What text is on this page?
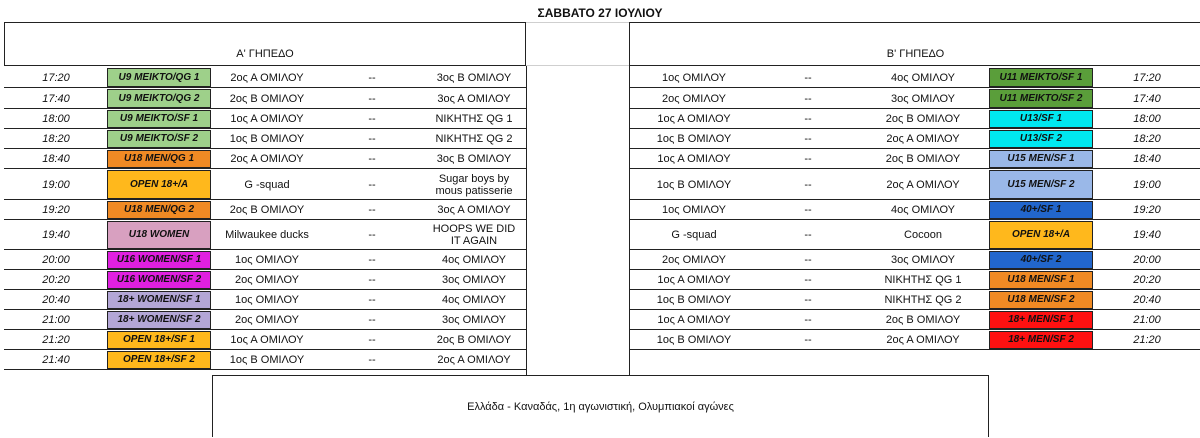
ΣΑΒΒΑΤΟ 27 ΙΟΥΛΙΟΥ
Α' ΓΗΠΕΔΟ	Β' ΓΗΠΕΔΟ
Ελλάδα - Καναδάς, 1η αγωνιστική, Ολυμπιακοί αγώνες
17:20	U9 ΜΕΙΚΤΟ/QG 1	2ος Α ΟΜΙΛΟΥ	--	3ος Β ΟΜΙΛΟΥ
17:40	U9 ΜΕΙΚΤΟ/QG 2	2ος Β ΟΜΙΛΟΥ	--	3ος Α ΟΜΙΛΟΥ
18:00	U9 ΜΕΙΚΤΟ/SF 1	1ος Α ΟΜΙΛΟΥ	--	ΝΙΚΗΤΗΣ QG 1
18:20	U9 ΜΕΙΚΤΟ/SF 2	1ος Β ΟΜΙΛΟΥ	--	ΝΙΚΗΤΗΣ QG 2
18:40	U18 MEN/QG 1	2ος Α ΟΜΙΛΟΥ	--	3ος Β ΟΜΙΛΟΥ
19:00	OPEN 18+/A	G -squad	--	Sugar boys by mous patisserie
19:20	U18 MEN/QG 2	2ος Β ΟΜΙΛΟΥ	--	3ος Α ΟΜΙΛΟΥ
19:40	U18 WOMEN	Milwaukee ducks	--	HOOPS WE DID IT AGAIN
20:00	U16 WOMEN/SF 1	1ος ΟΜΙΛΟΥ	--	4ος ΟΜΙΛΟΥ
20:20	U16 WOMEN/SF 2	2ος ΟΜΙΛΟΥ	--	3ος ΟΜΙΛΟΥ
20:40	18+ WOMEN/SF 1	1ος ΟΜΙΛΟΥ	--	4ος ΟΜΙΛΟΥ
21:00	18+ WOMEN/SF 2	2ος ΟΜΙΛΟΥ	--	3ος ΟΜΙΛΟΥ
21:20	OPEN 18+/SF 1	1ος Α ΟΜΙΛΟΥ	--	2ος Β ΟΜΙΛΟΥ
21:40	OPEN 18+/SF 2	1ος Β ΟΜΙΛΟΥ	--	2ος Α ΟΜΙΛΟΥ
1ος ΟΜΙΛΟΥ	--	4ος ΟΜΙΛΟΥ	U11 ΜΕΙΚΤΟ/SF 1	17:20
2ος ΟΜΙΛΟΥ	--	3ος ΟΜΙΛΟΥ	U11 ΜΕΙΚΤΟ/SF 2	17:40
1ος Α ΟΜΙΛΟΥ	--	2ος Β ΟΜΙΛΟΥ	U13/SF 1	18:00
1ος Β ΟΜΙΛΟΥ	--	2ος Α ΟΜΙΛΟΥ	U13/SF 2	18:20
1ος Α ΟΜΙΛΟΥ	--	2ος Β ΟΜΙΛΟΥ	U15 MEN/SF 1	18:40
1ος Β ΟΜΙΛΟΥ	--	2ος Α ΟΜΙΛΟΥ	U15 MEN/SF 2	19:00
1ος ΟΜΙΛΟΥ	--	4ος ΟΜΙΛΟΥ	40+/SF 1	19:20
G -squad	--	Cocoon	OPEN 18+/A	19:40
2ος ΟΜΙΛΟΥ	--	3ος ΟΜΙΛΟΥ	40+/SF 2	20:00
1ος Α ΟΜΙΛΟΥ	--	ΝΙΚΗΤΗΣ QG 1	U18 MEN/SF 1	20:20
1ος Β ΟΜΙΛΟΥ	--	ΝΙΚΗΤΗΣ QG 2	U18 MEN/SF 2	20:40
1ος Α ΟΜΙΛΟΥ	--	2ος Β ΟΜΙΛΟΥ	18+ MEN/SF 1	21:00
1ος Β ΟΜΙΛΟΥ	--	2ος Α ΟΜΙΛΟΥ	18+ MEN/SF 2	21:20
